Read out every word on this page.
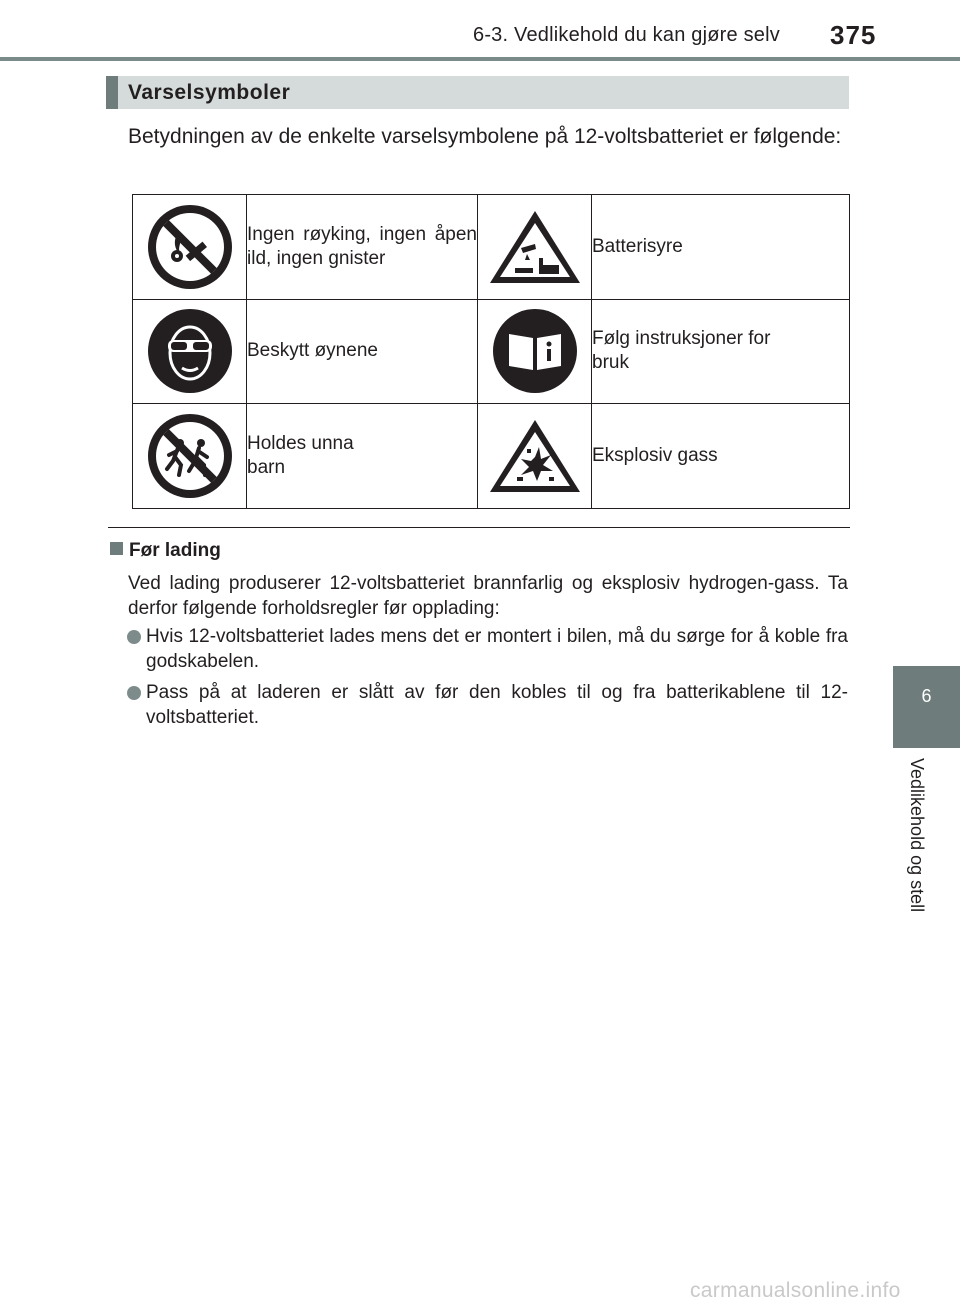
6-3. Vedlikehold du kan gjøre selv 375
6
Vedlikehold og stell
Varselsymboler
Betydningen av de enkelte varselsymbolene på 12-voltsbatteriet er følgende:

Ingen røyking, ingen åpen ild, ingen gnister		Batterisyre

Beskytt øynene		Følg instruksjoner for bruk

Holdes unna barn		Eksplosiv gass
Før lading
Ved lading produserer 12-voltsbatteriet brannfarlig og eksplosiv hydrogen-gass. Ta derfor følgende forholdsregler før opplading:
Hvis 12-voltsbatteriet lades mens det er montert i bilen, må du sørge for å koble fra godskabelen.
Pass på at laderen er slått av før den kobles til og fra batterikablene til 12-voltsbatteriet.
carmanualsonline.info
